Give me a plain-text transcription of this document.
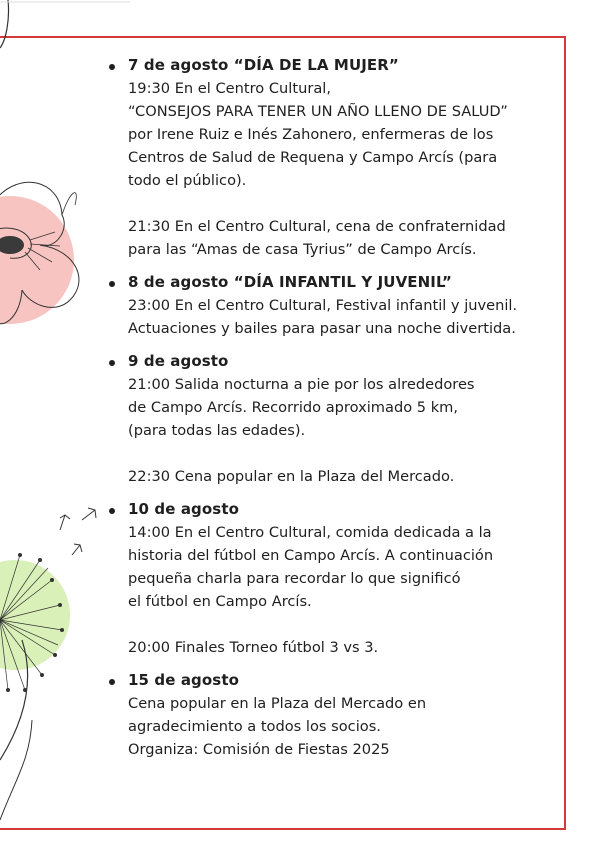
7 de agosto “DÍA DE LA MUJER”
19:30 En el Centro Cultural,
“CONSEJOS PARA TENER UN AÑO LLENO DE SALUD”
por Irene Ruiz e Inés Zahonero, enfermeras de los
Centros de Salud de Requena y Campo Arcís (para
todo el público).
21:30 En el Centro Cultural, cena de confraternidad
para las “Amas de casa Tyrius” de Campo Arcís.
8 de agosto “DÍA INFANTIL Y JUVENIL”
23:00 En el Centro Cultural, Festival infantil y juvenil.
Actuaciones y bailes para pasar una noche divertida.
9 de agosto
21:00 Salida nocturna a pie por los alrededores
de Campo Arcís. Recorrido aproximado 5 km,
(para todas las edades).
22:30 Cena popular en la Plaza del Mercado.
10 de agosto
14:00 En el Centro Cultural, comida dedicada a la
historia del fútbol en Campo Arcís. A continuación
pequeña charla para recordar lo que significó
el fútbol en Campo Arcís.
20:00 Finales Torneo fútbol 3 vs 3.
15 de agosto
Cena popular en la Plaza del Mercado en
agradecimiento a todos los socios.
Organiza: Comisión de Fiestas 2025
